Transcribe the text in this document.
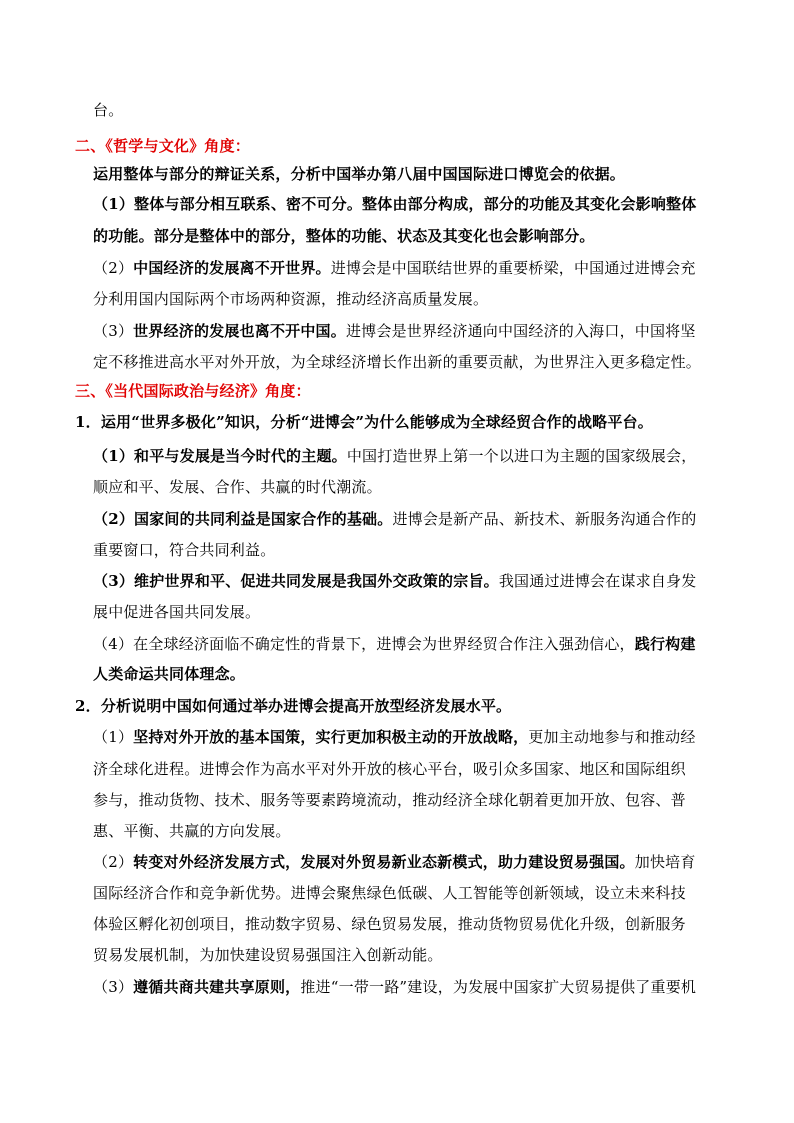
台。
二、《哲学与文化》角度：
运用整体与部分的辩证关系，分析中国举办第八届中国国际进口博览会的依据。
（1）整体与部分相互联系、密不可分。整体由部分构成，部分的功能及其变化会影响整体
的功能。部分是整体中的部分，整体的功能、状态及其变化也会影响部分。
（2）中国经济的发展离不开世界。进博会是中国联结世界的重要桥梁，中国通过进博会充
分利用国内国际两个市场两种资源，推动经济高质量发展。
（3）世界经济的发展也离不开中国。进博会是世界经济通向中国经济的入海口，中国将坚
定不移推进高水平对外开放，为全球经济增长作出新的重要贡献，为世界注入更多稳定性。
三、《当代国际政治与经济》角度：
1．运用“世界多极化”知识，分析“进博会”为什么能够成为全球经贸合作的战略平台。
（1）和平与发展是当今时代的主题。中国打造世界上第一个以进口为主题的国家级展会，
顺应和平、发展、合作、共赢的时代潮流。
（2）国家间的共同利益是国家合作的基础。进博会是新产品、新技术、新服务沟通合作的
重要窗口，符合共同利益。
（3）维护世界和平、促进共同发展是我国外交政策的宗旨。我国通过进博会在谋求自身发
展中促进各国共同发展。
（4）在全球经济面临不确定性的背景下，进博会为世界经贸合作注入强劲信心，践行构建
人类命运共同体理念。
2．分析说明中国如何通过举办进博会提高开放型经济发展水平。
（1）坚持对外开放的基本国策，实行更加积极主动的开放战略，更加主动地参与和推动经
济全球化进程。进博会作为高水平对外开放的核心平台，吸引众多国家、地区和国际组织
参与，推动货物、技术、服务等要素跨境流动，推动经济全球化朝着更加开放、包容、普
惠、平衡、共赢的方向发展。
（2）转变对外经济发展方式，发展对外贸易新业态新模式，助力建设贸易强国。加快培育
国际经济合作和竞争新优势。进博会聚焦绿色低碳、人工智能等创新领域，设立未来科技
体验区孵化初创项目，推动数字贸易、绿色贸易发展，推动货物贸易优化升级，创新服务
贸易发展机制，为加快建设贸易强国注入创新动能。
（3）遵循共商共建共享原则，推进“一带一路”建设，为发展中国家扩大贸易提供了重要机
